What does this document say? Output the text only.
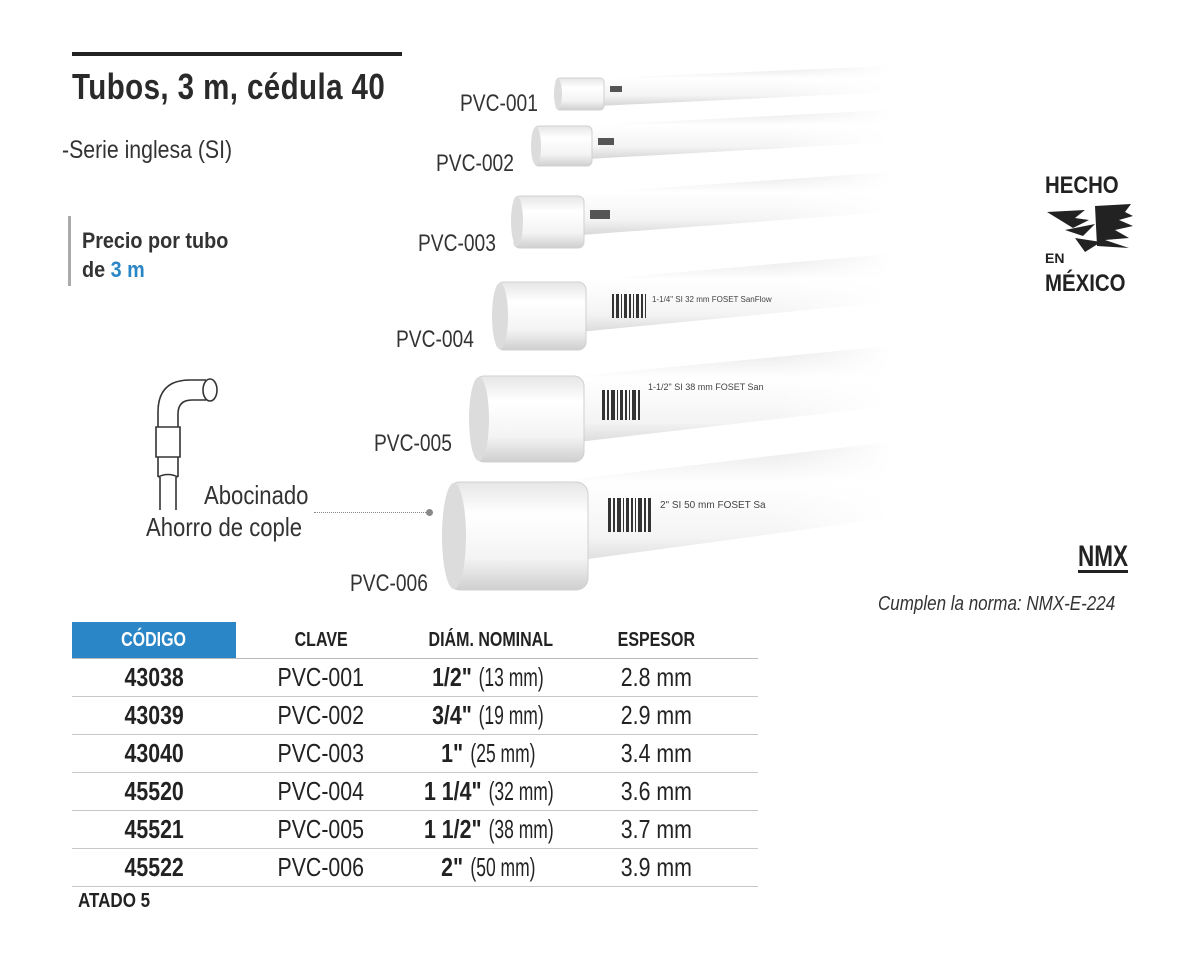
Tubos, 3 m, cédula 40
-Serie inglesa (SI)
Precio por tubo
de 3 m
PVC-001
PVC-002
PVC-003
PVC-004
PVC-005
PVC-006
Abocinado
Ahorro de cople
HECHO
EN
MÉXICO
NMX
Cumplen la norma: NMX-E-224
CÓDIGO	CLAVE	DIÁM. NOMINAL	ESPESOR
43038	PVC-001	1/2"(13 mm)	2.8 mm
43039	PVC-002	3/4"(19 mm)	2.9 mm
43040	PVC-003	1"(25 mm)	3.4 mm
45520	PVC-004	1 1/4"(32 mm)	3.6 mm
45521	PVC-005	1 1/2"(38 mm)	3.7 mm
45522	PVC-006	2"(50 mm)	3.9 mm
ATADO 5
